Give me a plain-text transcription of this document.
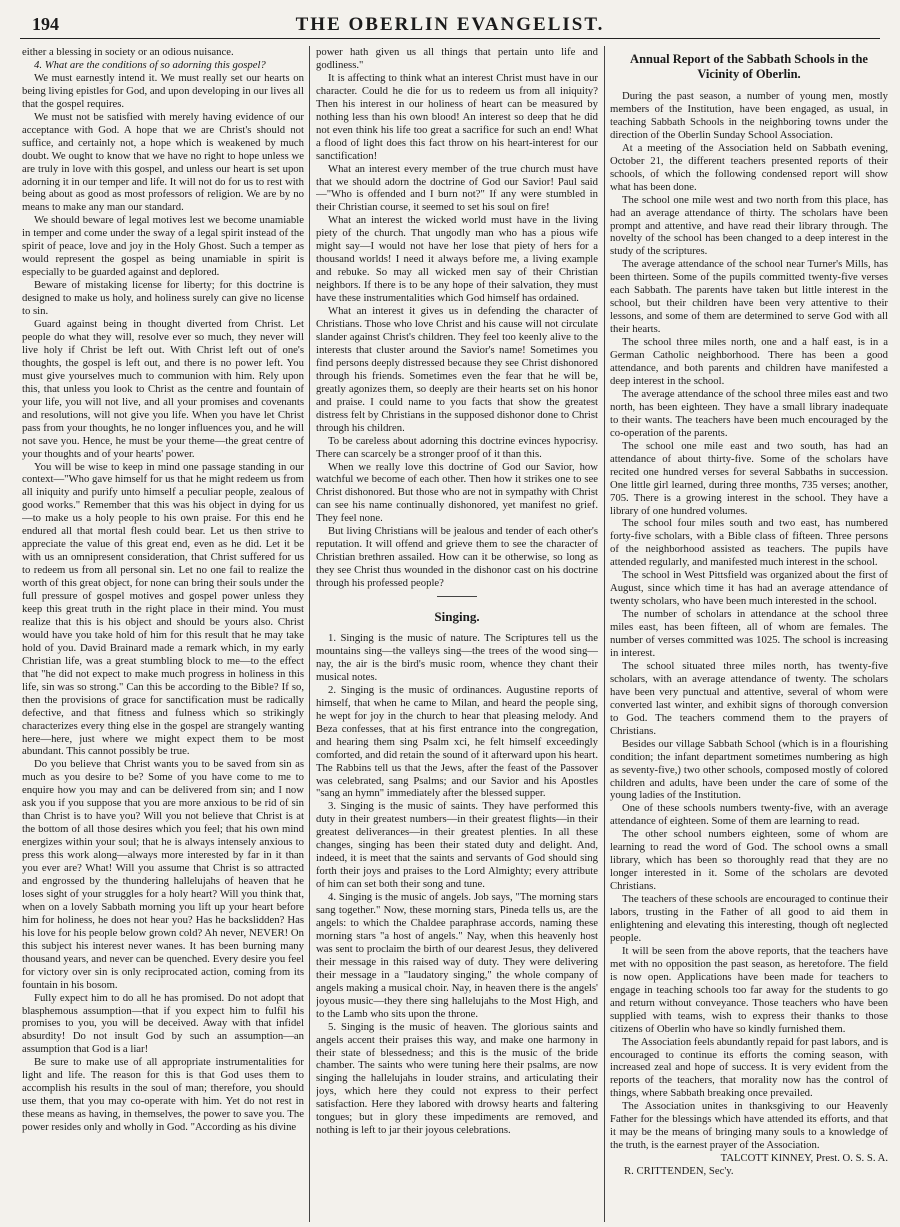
194	THE OBERLIN EVANGELIST.

either a blessing in society or an odious nuisance.

4. What are the conditions of so adorning this gospel?

We must earnestly intend it. We must really set our hearts on being living epistles for God, and upon developing in our lives all that the gospel requires.

We must not be satisfied with merely having evidence of our acceptance with God. A hope that we are Christ's should not suffice, and certainly not, a hope which is weakened by much doubt. We ought to know that we have no right to hope unless we are truly in love with this gospel, and unless our heart is set upon adorning it in our temper and life. It will not do for us to rest with being about as good as most professors of religion. We are by no means to make any man our standard.

We should beware of legal motives lest we become unamiable in temper and come under the sway of a legal spirit instead of the spirit of peace, love and joy in the Holy Ghost. Such a temper as would represent the gospel as being unamiable in spirit is especially to be guarded against and deplored.

Beware of mistaking license for liberty; for this doctrine is designed to make us holy, and holiness surely can give no license to sin.

Guard against being in thought diverted from Christ. Let people do what they will, resolve ever so much, they never will live holy if Christ be left out. With Christ left out of one's thoughts, the gospel is left out, and there is no power left. You must give yourselves much to communion with him. Rely upon this, that unless you look to Christ as the centre and fountain of your life, you will not live, and all your promises and covenants and resolutions, will not give you life. When you have let Christ pass from your thoughts, he no longer influences you, and he will not save you. Hence, he must be your theme—the great centre of your thoughts and of your hearts' power.

You will be wise to keep in mind one passage standing in our context—"Who gave himself for us that he might redeem us from all iniquity and purify unto himself a peculiar people, zealous of good works." Remember that this was his object in dying for us—to make us a holy people to his own praise. For this end he endured all that mortal flesh could bear. Let us then strive to appreciate the value of this great end, even as he did. Let it be with us an omnipresent consideration, that Christ suffered for us to redeem us from all personal sin. Let no one fail to realize the worth of this great object, for none can bring their souls under the full pressure of gospel motives and gospel power unless they keep this great truth in the right place in their mind. You must realize that this is his object and should be yours also. Christ would have you take hold of him for this result that he may take hold of you. David Brainard made a remark which, in my early Christian life, was a great stumbling block to me—to the effect that "he did not expect to make much progress in holiness in this life, sin was so strong." Can this be according to the Bible? If so, then the provisions of grace for sanctification must be radically defective, and that fitness and fulness which so strikingly characterizes every thing else in the gospel are strangely wanting here—here, just where we might expect them to be most abundant. This cannot possibly be true.

Do you believe that Christ wants you to be saved from sin as much as you desire to be? Some of you have come to me to enquire how you may and can be delivered from sin; and I now ask you if you suppose that you are more anxious to be rid of sin than Christ is to have you? Will you not believe that Christ is at the bottom of all those desires which you feel; that his own mind energizes within your soul; that he is always intensely anxious to press this work along—always more interested by far in it than you ever are? What! Will you assume that Christ is so attracted and engrossed by the thundering hallelujahs of heaven that he loses sight of your struggles for a holy heart? Will you think that, when on a lovely Sabbath morning you lift up your heart before him for holiness, he does not hear you? Has he backslidden? Has his love for his people below grown cold? Ah never, NEVER! On this subject his interest never wanes. It has been burning many thousand years, and never can be quenched. Every desire you feel for victory over sin is only reciprocated action, coming from its fountain in his bosom.

Fully expect him to do all he has promised. Do not adopt that blasphemous assumption—that if you expect him to fulfil his promises to you, you will be deceived. Away with that infidel absurdity! Do not insult God by such an assumption—an assumption that God is a liar!

Be sure to make use of all appropriate instrumentalities for light and life. The reason for this is that God uses them to accomplish his results in the soul of man; therefore, you should use them, that you may co-operate with him. Yet do not rest in these means as having, in themselves, the power to save you. The power resides only and wholly in God. "According as his divine

power hath given us all things that pertain unto life and godliness."

It is affecting to think what an interest Christ must have in our character. Could he die for us to redeem us from all iniquity? Then his interest in our holiness of heart can be measured by nothing less than his own blood! An interest so deep that he did not even think his life too great a sacrifice for such an end! What a flood of light does this fact throw on his heart-interest for our sanctification!

What an interest every member of the true church must have that we should adorn the doctrine of God our Savior! Paul said—"Who is offended and I burn not?" If any were stumbled in their Christian course, it seemed to set his soul on fire!

What an interest the wicked world must have in the living piety of the church. That ungodly man who has a pious wife might say—I would not have her lose that piety of hers for a thousand worlds! I need it always before me, a living example and rebuke. So may all wicked men say of their Christian neighbors. If there is to be any hope of their salvation, they must have these instrumentalities which God himself has ordained.

What an interest it gives us in defending the character of Christians. Those who love Christ and his cause will not circulate slander against Christ's children. They feel too keenly alive to the interests that cluster around the Savior's name! Sometimes you find persons deeply distressed because they see Christ dishonored through his friends. Sometimes even the fear that he will be, greatly agonizes them, so deeply are their hearts set on his honor and praise. I could name to you facts that show the greatest distress felt by Christians in the supposed dishonor done to Christ through his children.

To be careless about adorning this doctrine evinces hypocrisy. There can scarcely be a stronger proof of it than this.

When we really love this doctrine of God our Savior, how watchful we become of each other. Then how it strikes one to see Christ dishonored. But those who are not in sympathy with Christ can see his name continually dishonored, yet manifest no grief. They feel none.

But living Christians will be jealous and tender of each other's reputation. It will offend and grieve them to see the character of Christian brethren assailed. How can it be otherwise, so long as they see Christ thus wounded in the dishonor cast on his doctrine through his professed people?

Singing.

1. Singing is the music of nature. The Scriptures tell us the mountains sing—the valleys sing—the trees of the wood sing—nay, the air is the bird's music room, whence they chant their musical notes.

2. Singing is the music of ordinances. Augustine reports of himself, that when he came to Milan, and heard the people sing, he wept for joy in the church to hear that pleasing melody. And Beza confesses, that at his first entrance into the congregation, and hearing them sing Psalm xci, he felt himself exceedingly comforted, and did retain the sound of it afterward upon his heart. The Rabbins tell us that the Jews, after the feast of the Passover was celebrated, sang Psalms; and our Savior and his Apostles "sang an hymn" immediately after the blessed supper.

3. Singing is the music of saints. They have performed this duty in their greatest numbers—in their greatest flights—in their greatest deliverances—in their greatest plenties. In all these changes, singing has been their stated duty and delight. And, indeed, it is meet that the saints and servants of God should sing forth their joys and praises to the Lord Almighty; every attribute of him can set both their song and tune.

4. Singing is the music of angels. Job says, "The morning stars sang together." Now, these morning stars, Pineda tells us, are the angels: to which the Chaldee paraphrase accords, naming these morning stars "a host of angels." Nay, when this heavenly host was sent to proclaim the birth of our dearest Jesus, they delivered their message in this raised way of duty. They were delivering their message in a "laudatory singing," the whole company of angels making a musical choir. Nay, in heaven there is the angels' joyous music—they there sing hallelujahs to the Most High, and to the Lamb who sits upon the throne.

5. Singing is the music of heaven. The glorious saints and angels accent their praises this way, and make one harmony in their state of blessedness; and this is the music of the bride chamber. The saints who were tuning here their psalms, are now singing the hallelujahs in louder strains, and articulating their joys, which here they could not express to their perfect satisfaction. Here they labored with drowsy hearts and faltering tongues; but in glory these impediments are removed, and nothing is left to jar their joyous celebrations.

Annual Report of the Sabbath Schools in the Vicinity of Oberlin.

During the past season, a number of young men, mostly members of the Institution, have been engaged, as usual, in teaching Sabbath Schools in the neighboring towns under the direction of the Oberlin Sunday School Association.

At a meeting of the Association held on Sabbath evening, October 21, the different teachers presented reports of their schools, of which the following condensed report will show what has been done.

The school one mile west and two north from this place, has had an average attendance of thirty. The scholars have been prompt and attentive, and have read their library through. The novelty of the school has been changed to a deep interest in the study of the scriptures.

The average attendance of the school near Turner's Mills, has been thirteen. Some of the pupils committed twenty-five verses each Sabbath. The parents have taken but little interest in the school, but their children have been very attentive to their lessons, and some of them are determined to serve God with all their hearts.

The school three miles north, one and a half east, is in a German Catholic neighborhood. There has been a good attendance, and both parents and children have manifested a deep interest in the school.

The average attendance of the school three miles east and two north, has been eighteen. They have a small library inadequate to their wants. The teachers have been much encouraged by the co-operation of the parents.

The school one mile east and two south, has had an attendance of about thirty-five. Some of the scholars have recited one hundred verses for several Sabbaths in succession. One little girl learned, during three months, 735 verses; another, 705. There is a growing interest in the school. They have a library of one hundred volumes.

The school four miles south and two east, has numbered forty-five scholars, with a Bible class of fifteen. Three persons of the neighborhood assisted as teachers. The pupils have attended regularly, and manifested much interest in the school.

The school in West Pittsfield was organized about the first of August, since which time it has had an average attendance of twenty scholars, who have been much interested in the school.

The number of scholars in attendance at the school three miles east, has been fifteen, all of whom are females. The number of verses committed was 1025. The school is increasing in interest.

The school situated three miles north, has twenty-five scholars, with an average attendance of twenty. The scholars have been very punctual and attentive, several of whom were converted last winter, and exhibit signs of thorough conversion to God. The teachers commend them to the prayers of Christians.

Besides our village Sabbath School (which is in a flourishing condition; the infant department sometimes numbering as high as seventy-five,) two other schools, composed mostly of colored children and adults, have been under the care of some of the young ladies of the Institution.

One of these schools numbers twenty-five, with an average attendance of eighteen. Some of them are learning to read.

The other school numbers eighteen, some of whom are learning to read the word of God. The school owns a small library, which has been so thoroughly read that they are no longer interested in it. Some of the scholars are devoted Christians.

The teachers of these schools are encouraged to continue their labors, trusting in the Father of all good to aid them in enlightening and elevating this interesting, though oft neglected people.

It will be seen from the above reports, that the teachers have met with no opposition the past season, as heretofore. The field is now open. Applications have been made for teachers to engage in teaching schools too far away for the students to go and return without conveyance. Those teachers who have been supplied with teams, wish to express their thanks to those citizens of Oberlin who have so kindly furnished them.

The Association feels abundantly repaid for past labors, and is encouraged to continue its efforts the coming season, with increased zeal and hope of success. It is very evident from the reports of the teachers, that morality now has the control of things, where Sabbath breaking once prevailed.

The Association unites in thanksgiving to our Heavenly Father for the blessings which have attended its efforts, and that it may be the means of bringing many souls to a knowledge of the truth, is the earnest prayer of the Association.

TALCOTT KINNEY, Prest. O. S. S. A.

R. CRITTENDEN, Sec'y.
